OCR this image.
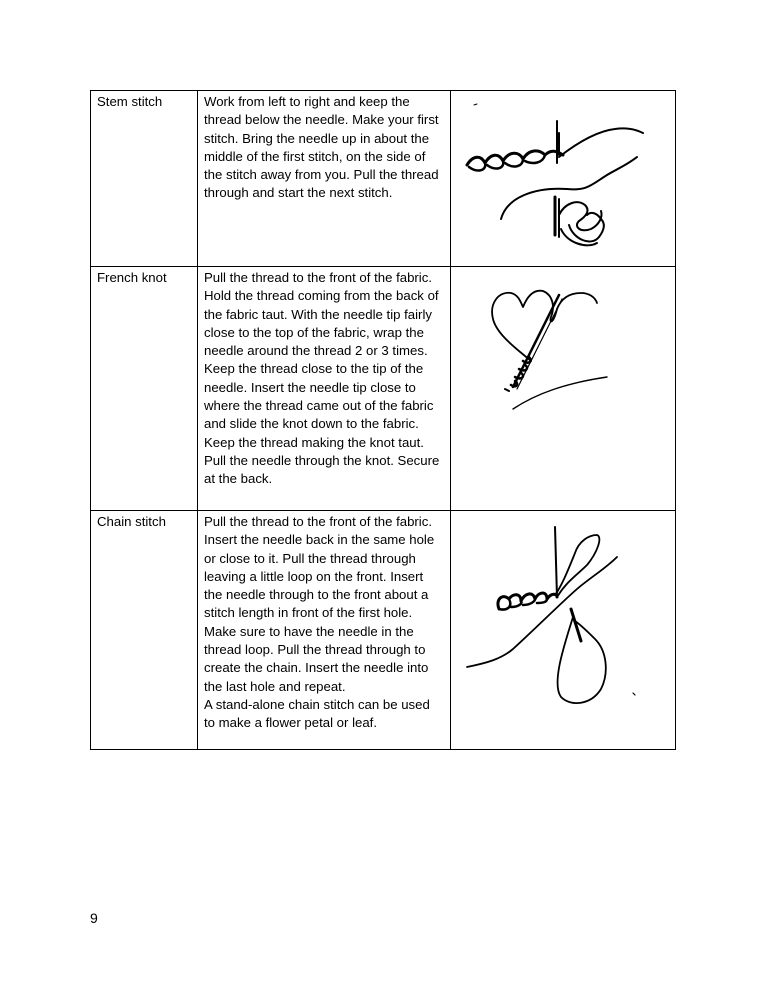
Stem stitch	Work from left to right and keep the thread below the needle. Make your first stitch. Bring the needle up in about the middle of the first stitch, on the side of the stitch away from you. Pull the thread through and start the next stitch.

French knot	Pull the thread to the front of the fabric. Hold the thread coming from the back of the fabric taut. With the needle tip fairly close to the top of the fabric, wrap the needle around the thread 2 or 3 times. Keep the thread close to the tip of the needle. Insert the needle tip close to where the thread came out of the fabric and slide the knot down to the fabric. Keep the thread making the knot taut. Pull the needle through the knot. Secure at the back.

Chain stitch	Pull the thread to the front of the fabric. Insert the needle back in the same hole or close to it. Pull the thread through leaving a little loop on the front. Insert the needle through to the front about a stitch length in front of the first hole. Make sure to have the needle in the thread loop. Pull the thread through to create the chain. Insert the needle into the last hole and repeat.

A stand-alone chain stitch can be used to make a flower petal or leaf.

9
